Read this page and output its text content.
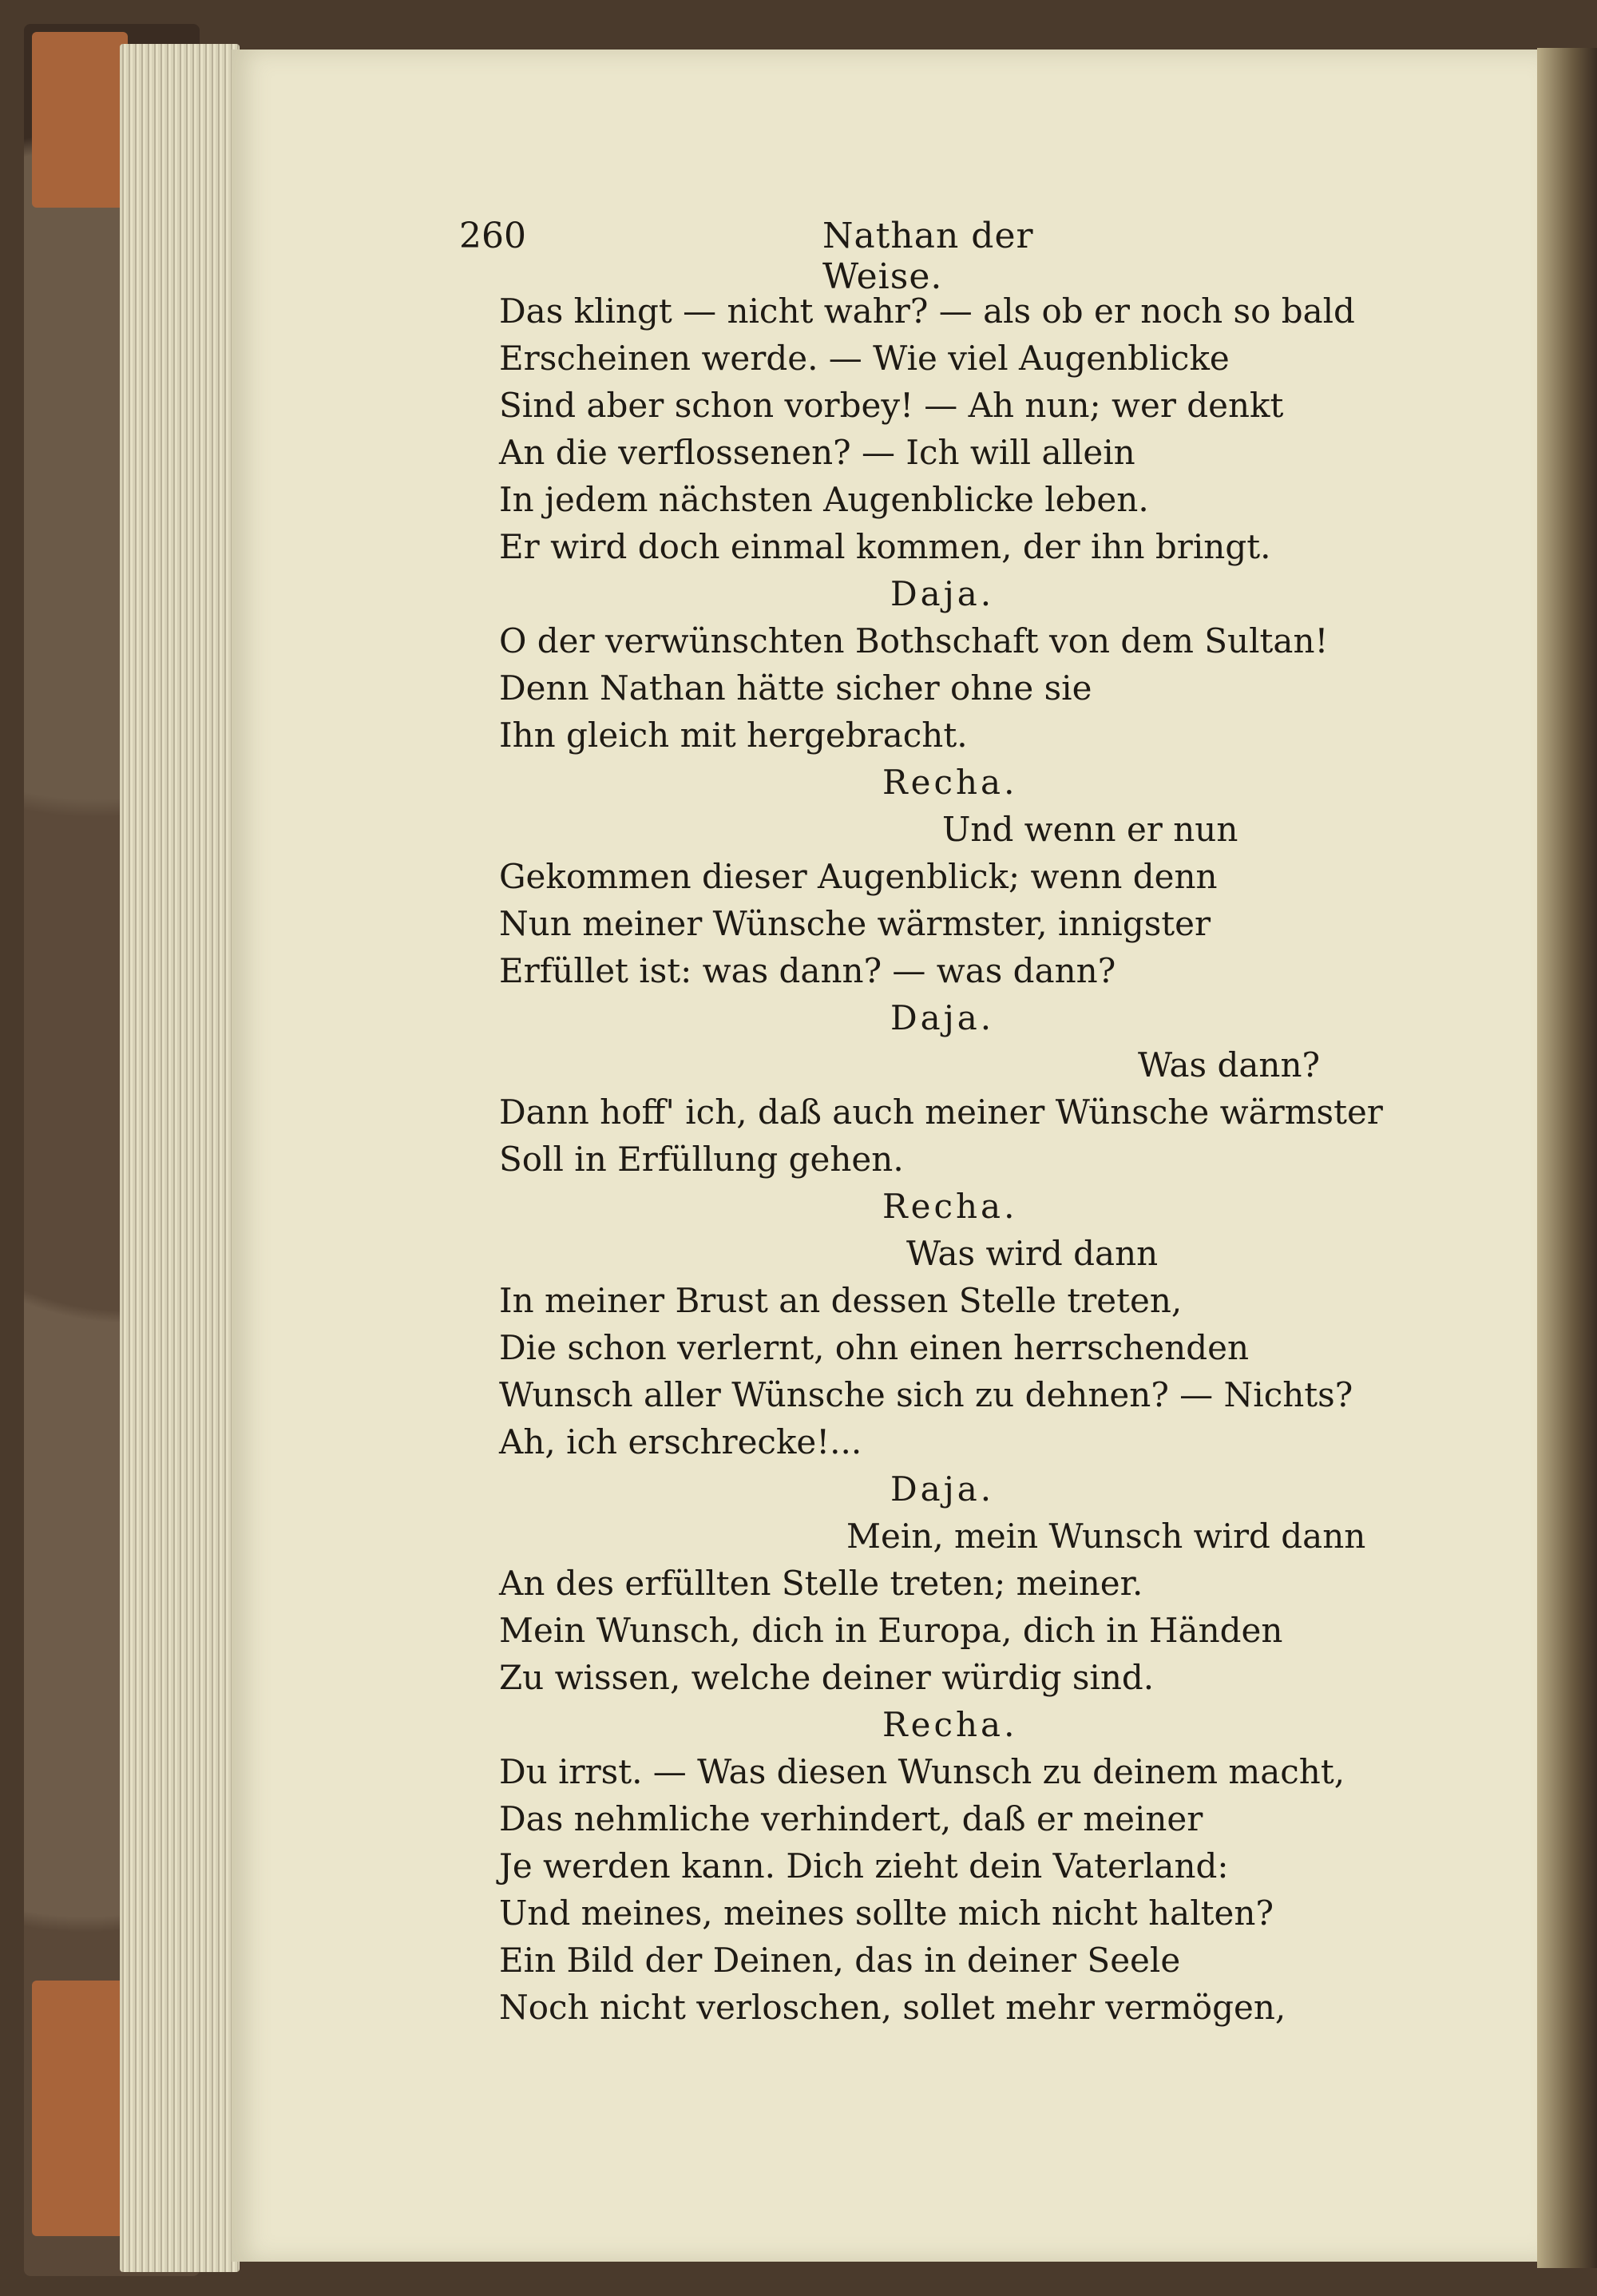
260	Nathan der Weise.
Das klingt — nicht wahr? — als ob er noch so bald
Erscheinen werde. — Wie viel Augenblicke
Sind aber schon vorbey! — Ah nun; wer denkt
An die verflossenen? — Ich will allein
In jedem nächsten Augenblicke leben.
Er wird doch einmal kommen, der ihn bringt.
Daja.
O der verwünschten Bothschaft von dem Sultan!
Denn Nathan hätte sicher ohne sie
Ihn gleich mit hergebracht.
Recha.
Und wenn er nun
Gekommen dieser Augenblick; wenn denn
Nun meiner Wünsche wärmster, innigster
Erfüllet ist: was dann? — was dann?
Daja.
Was dann?
Dann hoff' ich, daß auch meiner Wünsche wärmster
Soll in Erfüllung gehen.
Recha.
Was wird dann
In meiner Brust an dessen Stelle treten,
Die schon verlernt, ohn einen herrschenden
Wunsch aller Wünsche sich zu dehnen? — Nichts?
Ah, ich erschrecke!...
Daja.
Mein, mein Wunsch wird dann
An des erfüllten Stelle treten; meiner.
Mein Wunsch, dich in Europa, dich in Händen
Zu wissen, welche deiner würdig sind.
Recha.
Du irrst. — Was diesen Wunsch zu deinem macht,
Das nehmliche verhindert, daß er meiner
Je werden kann. Dich zieht dein Vaterland:
Und meines, meines sollte mich nicht halten?
Ein Bild der Deinen, das in deiner Seele
Noch nicht verloschen, sollet mehr vermögen,
